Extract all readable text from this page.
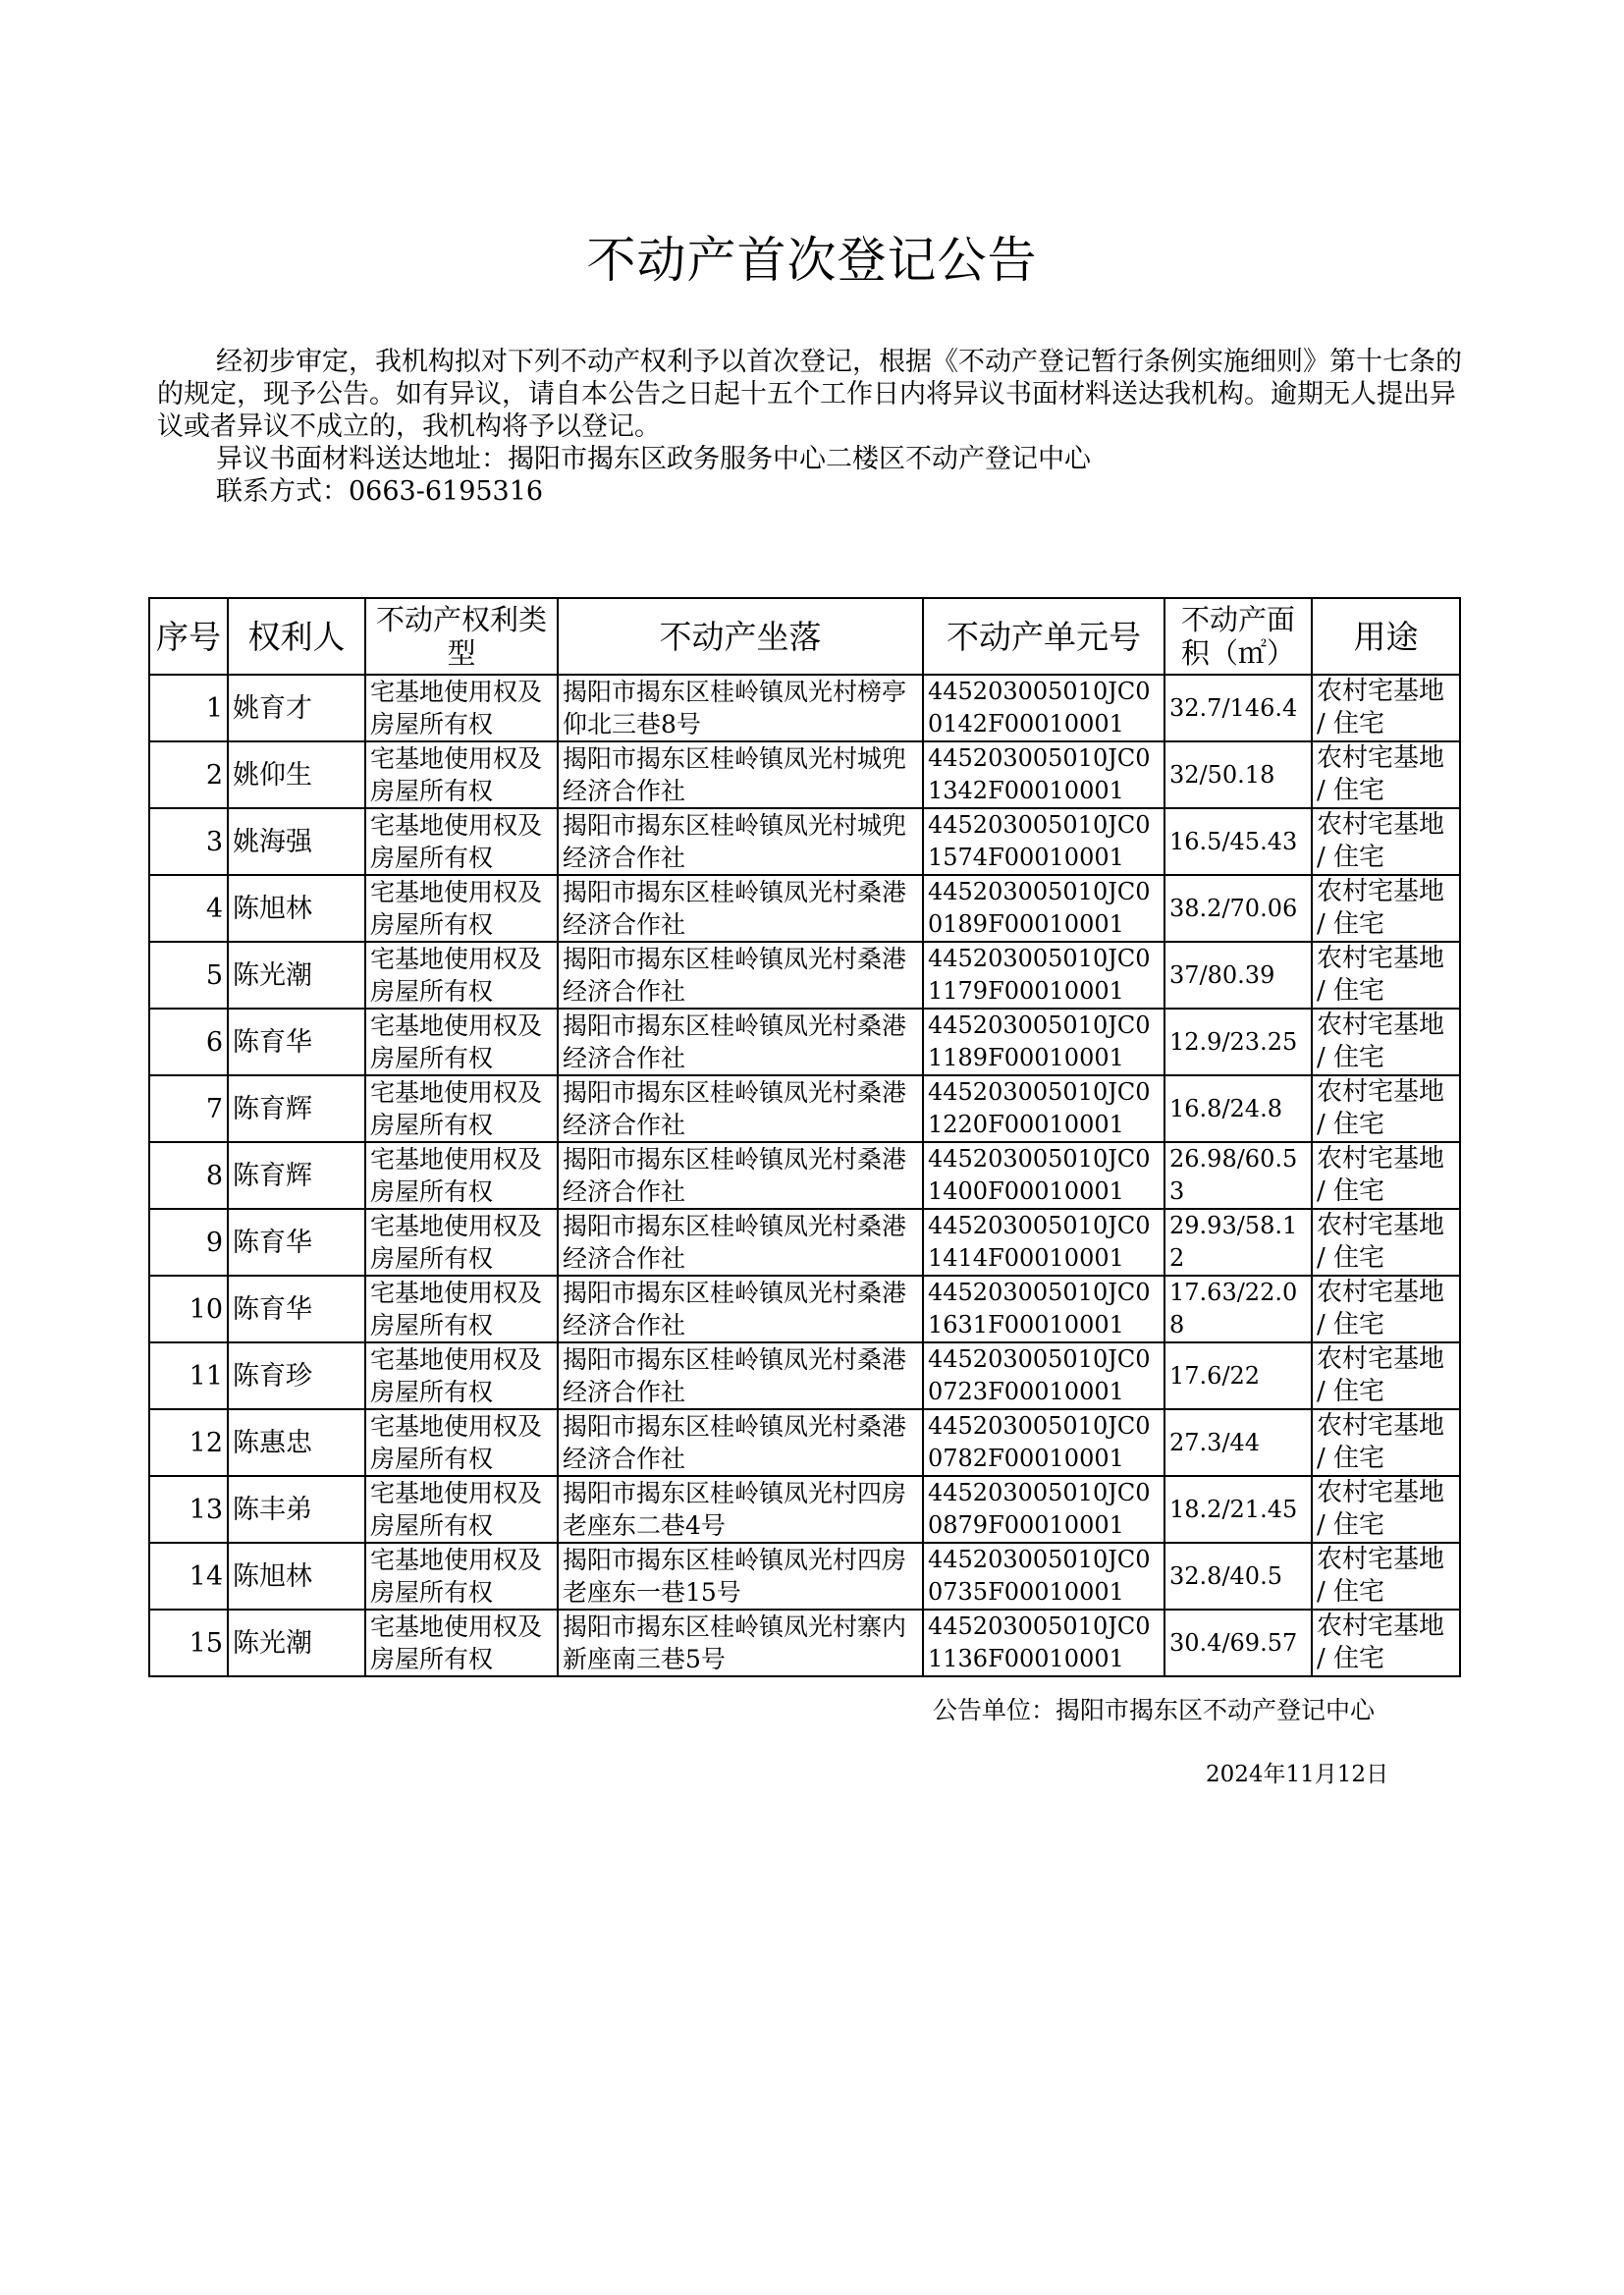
不动产首次登记公告

经初步审定，我机构拟对下列不动产权利予以首次登记，根据《不动产登记暂行条例实施细则》第十七条的的规定，现予公告。如有异议，请自本公告之日起十五个工作日内将异议书面材料送达我机构。逾期无人提出异议或者异议不成立的，我机构将予以登记。

异议书面材料送达地址：揭阳市揭东区政务服务中心二楼区不动产登记中心

联系方式：0663-6195316

序号	权利人	不动产权利类型	不动产坐落	不动产单元号	不动产面积（㎡）	用途
1	姚育才	宅基地使用权及房屋所有权	揭阳市揭东区桂岭镇凤光村榜亭仰北三巷8号	445203005010JC00142F00010001	32.7/146.4	农村宅基地 / 住宅
2	姚仰生	宅基地使用权及房屋所有权	揭阳市揭东区桂岭镇凤光村城兜经济合作社	445203005010JC01342F00010001	32/50.18	农村宅基地 / 住宅
3	姚海强	宅基地使用权及房屋所有权	揭阳市揭东区桂岭镇凤光村城兜经济合作社	445203005010JC01574F00010001	16.5/45.43	农村宅基地 / 住宅
4	陈旭林	宅基地使用权及房屋所有权	揭阳市揭东区桂岭镇凤光村桑港经济合作社	445203005010JC00189F00010001	38.2/70.06	农村宅基地 / 住宅
5	陈光潮	宅基地使用权及房屋所有权	揭阳市揭东区桂岭镇凤光村桑港经济合作社	445203005010JC01179F00010001	37/80.39	农村宅基地 / 住宅
6	陈育华	宅基地使用权及房屋所有权	揭阳市揭东区桂岭镇凤光村桑港经济合作社	445203005010JC01189F00010001	12.9/23.25	农村宅基地 / 住宅
7	陈育辉	宅基地使用权及房屋所有权	揭阳市揭东区桂岭镇凤光村桑港经济合作社	445203005010JC01220F00010001	16.8/24.8	农村宅基地 / 住宅
8	陈育辉	宅基地使用权及房屋所有权	揭阳市揭东区桂岭镇凤光村桑港经济合作社	445203005010JC01400F00010001	26.98/60.53	农村宅基地 / 住宅
9	陈育华	宅基地使用权及房屋所有权	揭阳市揭东区桂岭镇凤光村桑港经济合作社	445203005010JC01414F00010001	29.93/58.12	农村宅基地 / 住宅
10	陈育华	宅基地使用权及房屋所有权	揭阳市揭东区桂岭镇凤光村桑港经济合作社	445203005010JC01631F00010001	17.63/22.08	农村宅基地 / 住宅
11	陈育珍	宅基地使用权及房屋所有权	揭阳市揭东区桂岭镇凤光村桑港经济合作社	445203005010JC00723F00010001	17.6/22	农村宅基地 / 住宅
12	陈惠忠	宅基地使用权及房屋所有权	揭阳市揭东区桂岭镇凤光村桑港经济合作社	445203005010JC00782F00010001	27.3/44	农村宅基地 / 住宅
13	陈丰弟	宅基地使用权及房屋所有权	揭阳市揭东区桂岭镇凤光村四房老座东二巷4号	445203005010JC00879F00010001	18.2/21.45	农村宅基地 / 住宅
14	陈旭林	宅基地使用权及房屋所有权	揭阳市揭东区桂岭镇凤光村四房老座东一巷15号	445203005010JC00735F00010001	32.8/40.5	农村宅基地 / 住宅
15	陈光潮	宅基地使用权及房屋所有权	揭阳市揭东区桂岭镇凤光村寨内新座南三巷5号	445203005010JC01136F00010001	30.4/69.57	农村宅基地 / 住宅
公告单位：揭阳市揭东区不动产登记中心
2024年11月12日
